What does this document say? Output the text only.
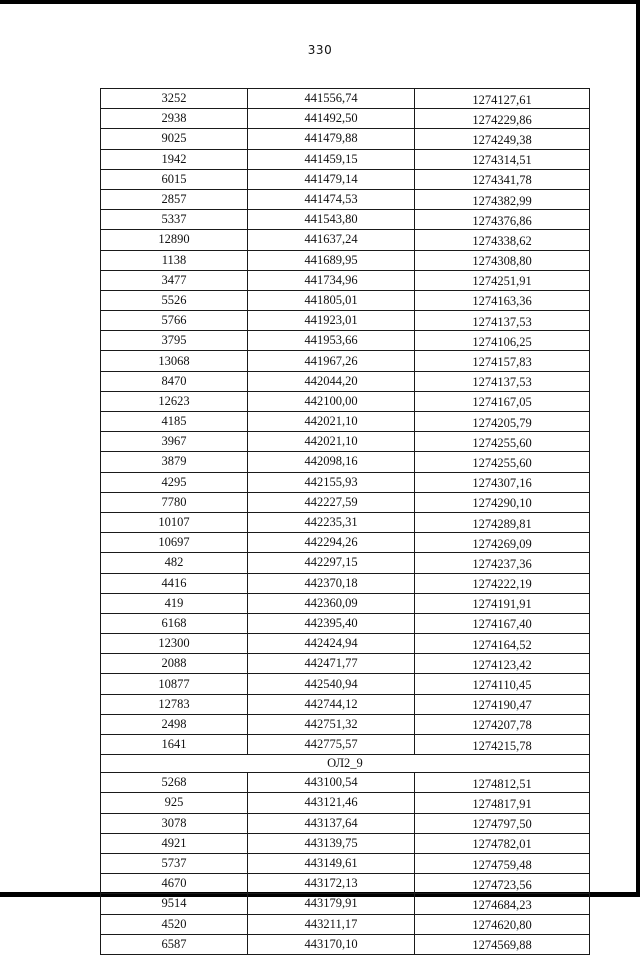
330
3252	441556,74	1274127,61
2938	441492,50	1274229,86
9025	441479,88	1274249,38
1942	441459,15	1274314,51
6015	441479,14	1274341,78
2857	441474,53	1274382,99
5337	441543,80	1274376,86
12890	441637,24	1274338,62
1138	441689,95	1274308,80
3477	441734,96	1274251,91
5526	441805,01	1274163,36
5766	441923,01	1274137,53
3795	441953,66	1274106,25
13068	441967,26	1274157,83
8470	442044,20	1274137,53
12623	442100,00	1274167,05
4185	442021,10	1274205,79
3967	442021,10	1274255,60
3879	442098,16	1274255,60
4295	442155,93	1274307,16
7780	442227,59	1274290,10
10107	442235,31	1274289,81
10697	442294,26	1274269,09
482	442297,15	1274237,36
4416	442370,18	1274222,19
419	442360,09	1274191,91
6168	442395,40	1274167,40
12300	442424,94	1274164,52
2088	442471,77	1274123,42
10877	442540,94	1274110,45
12783	442744,12	1274190,47
2498	442751,32	1274207,78
1641	442775,57	1274215,78
ОЛ2_9		
5268	443100,54	1274812,51
925	443121,46	1274817,91
3078	443137,64	1274797,50
4921	443139,75	1274782,01
5737	443149,61	1274759,48
4670	443172,13	1274723,56
9514	443179,91	1274684,23
4520	443211,17	1274620,80
6587	443170,10	1274569,88
